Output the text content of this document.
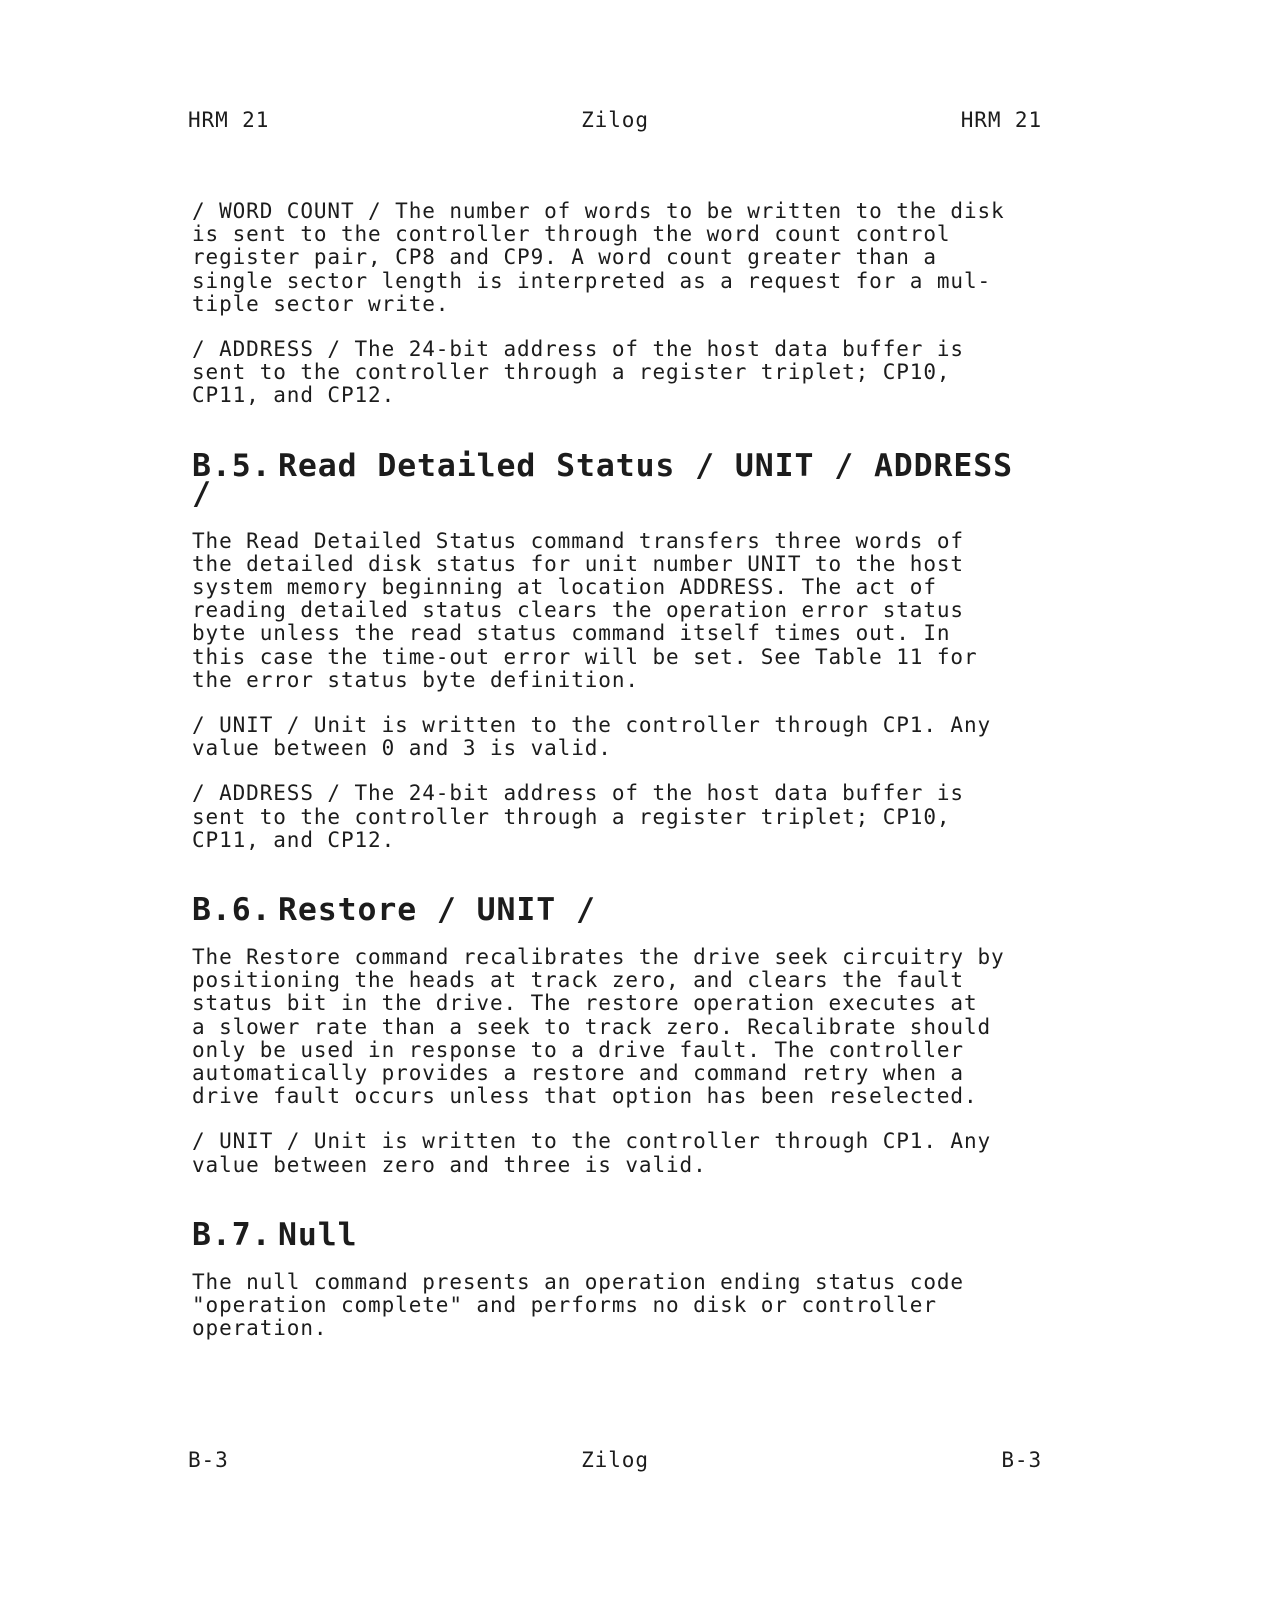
HRM 21	Zilog	HRM 21

/ WORD COUNT / The number of words to be written to the disk
is sent to the controller through the word count control
register pair, CP8 and CP9. A word count greater than a
single sector length is interpreted as a request for a mul-
tiple sector write.

/ ADDRESS / The 24-bit address of the host data buffer is
sent to the controller through a register triplet; CP10,
CP11, and CP12.

B.5. Read Detailed Status / UNIT / ADDRESS /

The Read Detailed Status command transfers three words of
the detailed disk status for unit number UNIT to the host
system memory beginning at location ADDRESS. The act of
reading detailed status clears the operation error status
byte unless the read status command itself times out. In
this case the time-out error will be set. See Table 11 for
the error status byte definition.

/ UNIT / Unit is written to the controller through CP1. Any
value between 0 and 3 is valid.

/ ADDRESS / The 24-bit address of the host data buffer is
sent to the controller through a register triplet; CP10,
CP11, and CP12.

B.6. Restore / UNIT /

The Restore command recalibrates the drive seek circuitry by
positioning the heads at track zero, and clears the fault
status bit in the drive. The restore operation executes at
a slower rate than a seek to track zero. Recalibrate should
only be used in response to a drive fault. The controller
automatically provides a restore and command retry when a
drive fault occurs unless that option has been reselected.

/ UNIT / Unit is written to the controller through CP1. Any
value between zero and three is valid.

B.7. Null

The null command presents an operation ending status code
"operation complete" and performs no disk or controller
operation.

B-3	Zilog	B-3
